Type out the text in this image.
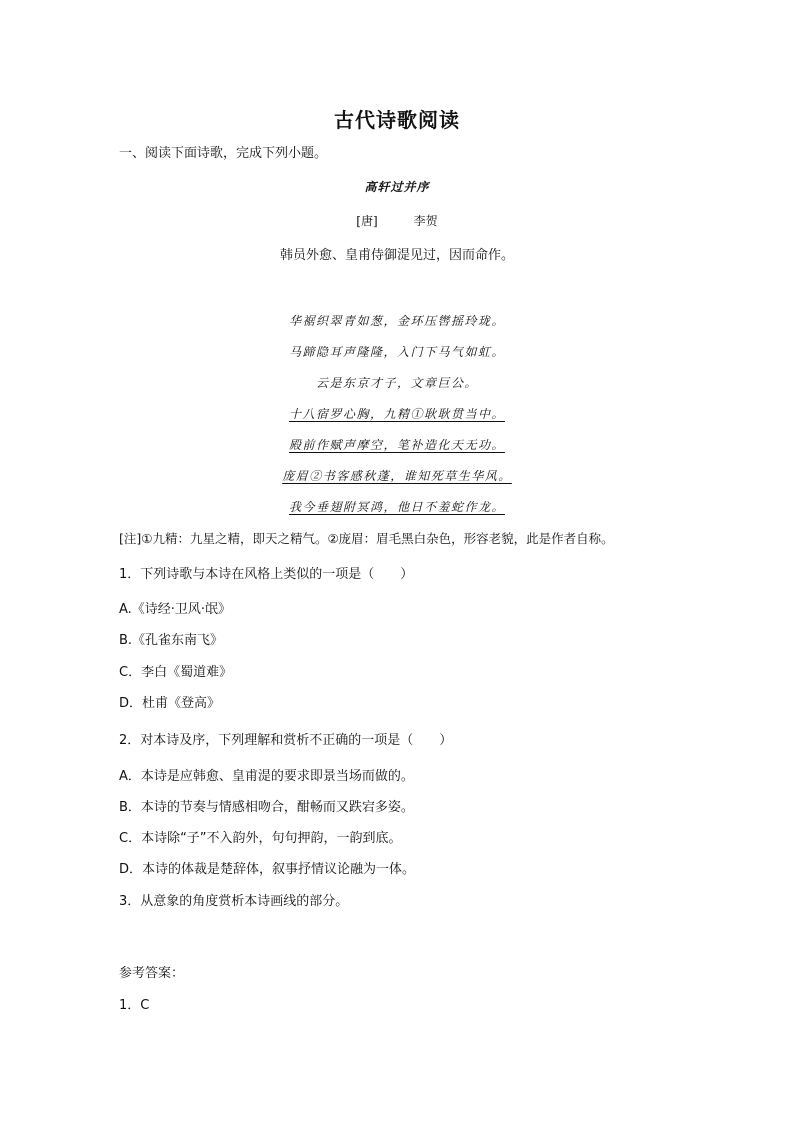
古代诗歌阅读
一、阅读下面诗歌，完成下列小题。
高轩过并序
[唐]	李贺
韩员外愈、皇甫侍御湜见过，因而命作。
华裾织翠青如葱，金环压辔摇玲珑。
马蹄隐耳声隆隆，入门下马气如虹。
云是东京才子，文章巨公。
十八宿罗心胸，九精①耿耿贯当中。
殿前作赋声摩空，笔补造化天无功。
庞眉②书客感秋蓬，谁知死草生华风。
我今垂翅附冥鸿，他日不羞蛇作龙。
[注]①九精：九星之精，即天之精气。②庞眉：眉毛黑白杂色，形容老貌，此是作者自称。
1．下列诗歌与本诗在风格上类似的一项是（　　）
A.《诗经·卫风·氓》
B.《孔雀东南飞》
C．李白《蜀道难》
D．杜甫《登高》
2．对本诗及序，下列理解和赏析不正确的一项是（　　）
A．本诗是应韩愈、皇甫湜的要求即景当场而做的。
B．本诗的节奏与情感相吻合，酣畅而又跌宕多姿。
C．本诗除“子”不入韵外，句句押韵，一韵到底。
D．本诗的体裁是楚辞体，叙事抒情议论融为一体。
3．从意象的角度赏析本诗画线的部分。
参考答案：
1．C
